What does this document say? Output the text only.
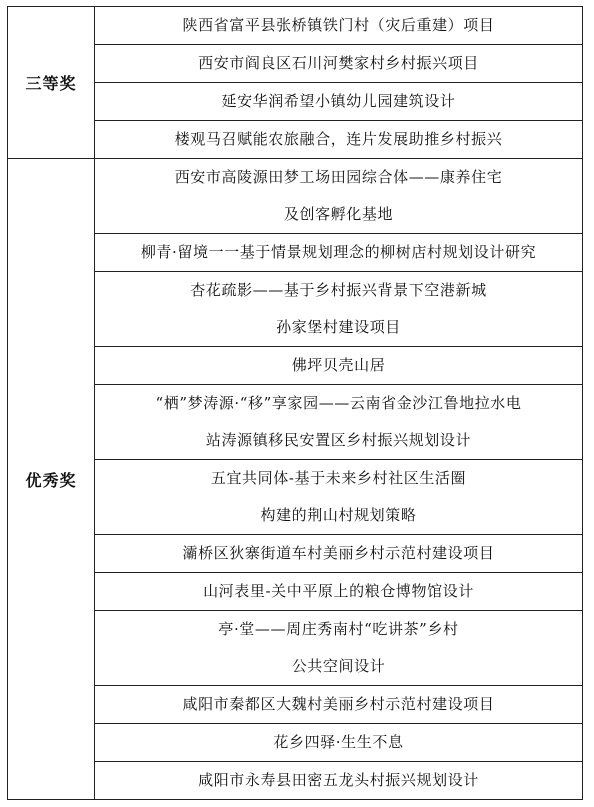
三等奖	陕西省富平县张桥镇铁门村（灾后重建）项目

	西安市阎良区石川河樊家村乡村振兴项目

	延安华润希望小镇幼儿园建筑设计

	楼观马召赋能农旅融合，连片发展助推乡村振兴

优秀奖	西安市高陵源田梦工场田园综合体——康养住宅
及创客孵化基地

	柳青·留境一一基于情景规划理念的柳树店村规划设计研究

	杏花疏影——基于乡村振兴背景下空港新城
孙家堡村建设项目

	佛坪贝壳山居

	“栖”梦涛源·“移”享家园——云南省金沙江鲁地拉水电
站涛源镇移民安置区乡村振兴规划设计

	五宜共同体-基于未来乡村社区生活圈
构建的荆山村规划策略

	灞桥区狄寨街道车村美丽乡村示范村建设项目

	山河表里-关中平原上的粮仓博物馆设计

	亭·堂——周庄秀南村“吃讲茶”乡村
公共空间设计

	咸阳市秦都区大魏村美丽乡村示范村建设项目

	花乡四驿·生生不息

	咸阳市永寿县田密五龙头村振兴规划设计
